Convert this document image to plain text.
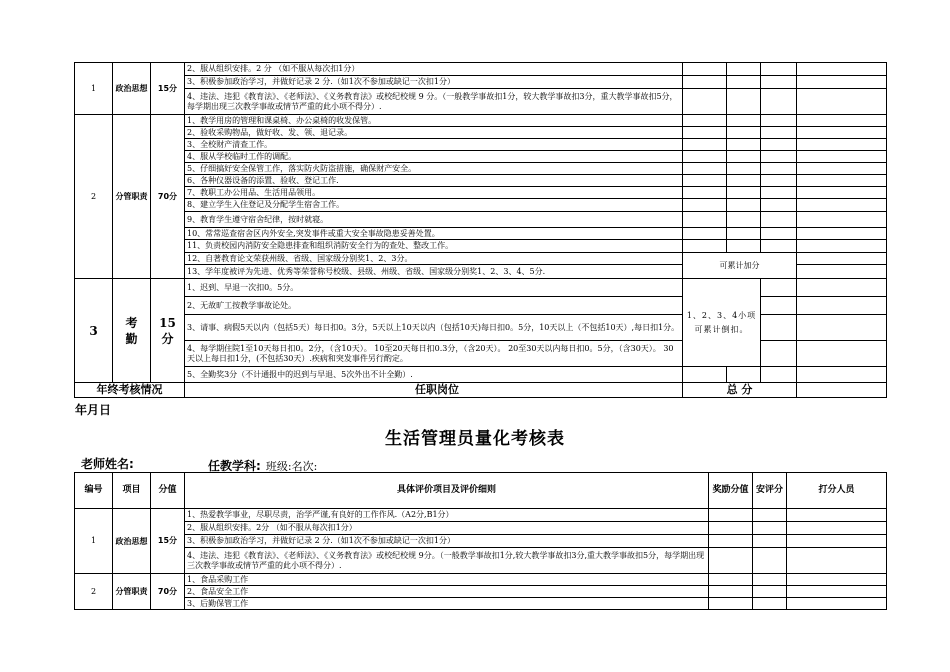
1	政治思想	15分	2、服从组织安排。2 分 （如不服从每次扣1分）				
			3、积极参加政治学习，并做好记录 2 分.（如1次不参加或缺记一次扣1分）				
			4、违法、违犯《教育法》、《老师法》、《义务教育法》或校纪校规 9 分。（一般教学事故扣1分，较大教学事故扣3分，重大教学事故扣5分，每学期出现三次教学事故或情节严重的此小项不得分）.				
2	分管职责	70分	1、教学用房的管理和课桌椅、办公桌椅的收发保管。				
			2、验收采购物品，做好收、发、领、退记录。				
			3、全校财产清查工作。				
			4、服从学校临时工作的调配。				
			5、仔细搞好安全保管工作，落实防火防盗措施，确保财产安全。				
			6、各种仪器设备的添置、验收、登记工作.				
			7、教职工办公用品、生活用品领用。				
			8、建立学生入住登记及分配学生宿舍工作。				
			9、教育学生遵守宿舍纪律，按时就寝。				
			10、常常巡查宿舍区内外安全,突发事件或重大安全事故隐患妥善处置。				
			11、负责校园内消防安全隐患排查和组织消防安全行为的查处、整改工作。				
			12、自著教育论文荣获州级、省级、国家级分别奖1、2、3分。	可累计加分			
			13、学年度被评为先进、优秀等荣誉称号校级、县级、州级、省级、国家级分别奖1、2、3、4、5分.				
3	考勤	15分	1、迟到、早退一次扣0。5分。	1、2、3、4小项可累计倒扣。			
			2、无故旷工按教学事故论处。				
			3、请事、病假5天以内（包括5天）每日扣0。3分，5天以上10天以内（包括10天)每日扣0。5分，10天以上（不包括10天）,每日扣1分。				
			4、每学期住院1至10天每日扣0。2分，（含10天）。 10至20天每日扣0.3分，（含20天）。 20至30天以内每日扣0。5分，（含30天）。 30天以上每日扣1分，(不包括30天）.疾病和突发事件另行酌定。				
			5、全勤奖3分（不计通报中的迟到与早退、5次外出不计全勤）.				
年终考核情况			任职岗位	总 分			
年月日
生活管理员量化考核表
老师姓名:	任教学科: 班级:名次:
编号	项目	分值	具体评价项目及评价细则	奖励分值	安评分	打分人员
1	政治思想	15分	1、热爱教学事业，尽职尽责，治学严谨,有良好的工作作风.（A2分,B1分）			
			2、服从组织安排。2分 （如不服从每次扣1分）			
			3、积极参加政治学习，并做好记录 2 分.（如1次不参加或缺记一次扣1分）			
			4、违法、违犯《教育法》、《老师法》、《义务教育法》或校纪校规 9分。（一般教学事故扣1分,较大教学事故扣3分,重大教学事故扣5分，每学期出现三次教学事故或情节严重的此小项不得分）.			
2	分管职责	70分	1、食品采购工作			
			2、食品安全工作			
			3、后勤保管工作			
